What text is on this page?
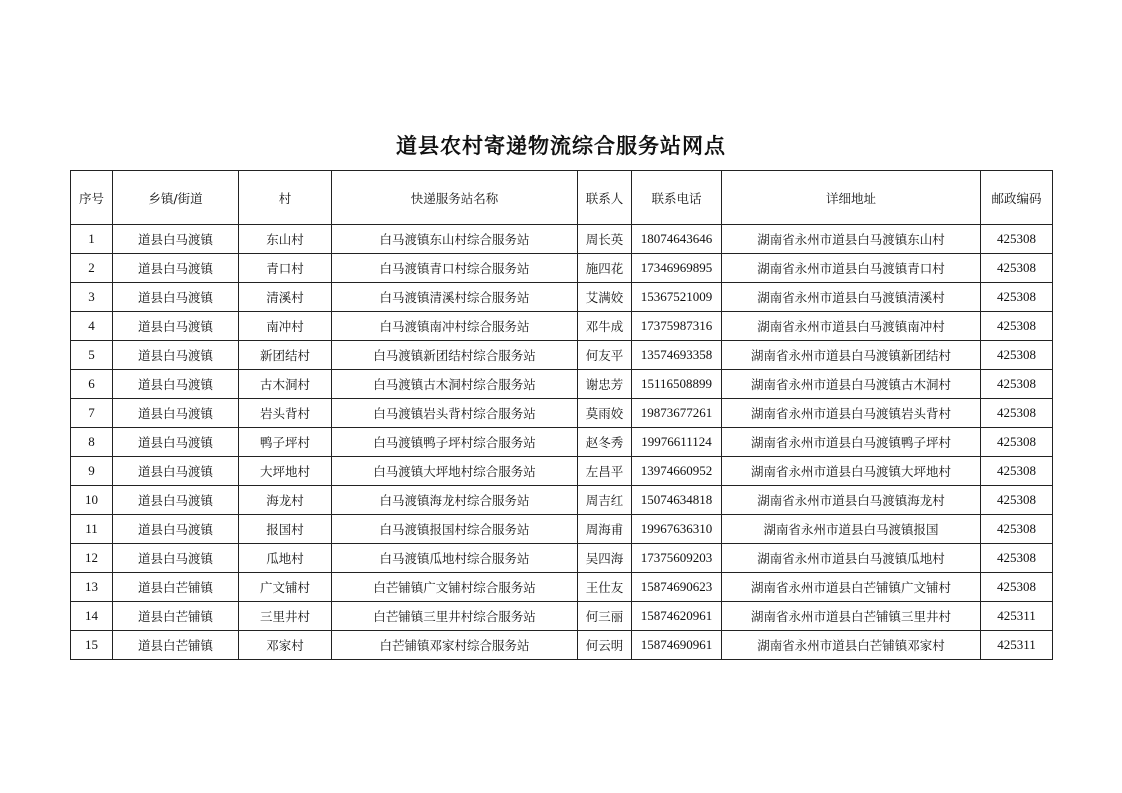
道县农村寄递物流综合服务站网点
序号	乡镇/街道	村	快递服务站名称	联系人	联系电话	详细地址	邮政编码
1	道县白马渡镇	东山村	白马渡镇东山村综合服务站	周长英	18074643646	湖南省永州市道县白马渡镇东山村	425308
2	道县白马渡镇	青口村	白马渡镇青口村综合服务站	施四花	17346969895	湖南省永州市道县白马渡镇青口村	425308
3	道县白马渡镇	清溪村	白马渡镇清溪村综合服务站	艾满姣	15367521009	湖南省永州市道县白马渡镇清溪村	425308
4	道县白马渡镇	南冲村	白马渡镇南冲村综合服务站	邓牛成	17375987316	湖南省永州市道县白马渡镇南冲村	425308
5	道县白马渡镇	新团结村	白马渡镇新团结村综合服务站	何友平	13574693358	湖南省永州市道县白马渡镇新团结村	425308
6	道县白马渡镇	古木洞村	白马渡镇古木洞村综合服务站	谢忠芳	15116508899	湖南省永州市道县白马渡镇古木洞村	425308
7	道县白马渡镇	岩头背村	白马渡镇岩头背村综合服务站	莫雨姣	19873677261	湖南省永州市道县白马渡镇岩头背村	425308
8	道县白马渡镇	鸭子坪村	白马渡镇鸭子坪村综合服务站	赵冬秀	19976611124	湖南省永州市道县白马渡镇鸭子坪村	425308
9	道县白马渡镇	大坪地村	白马渡镇大坪地村综合服务站	左昌平	13974660952	湖南省永州市道县白马渡镇大坪地村	425308
10	道县白马渡镇	海龙村	白马渡镇海龙村综合服务站	周吉红	15074634818	湖南省永州市道县白马渡镇海龙村	425308
11	道县白马渡镇	报国村	白马渡镇报国村综合服务站	周海甫	19967636310	湖南省永州市道县白马渡镇报国	425308
12	道县白马渡镇	瓜地村	白马渡镇瓜地村综合服务站	吴四海	17375609203	湖南省永州市道县白马渡镇瓜地村	425308
13	道县白芒铺镇	广文铺村	白芒铺镇广文铺村综合服务站	王仕友	15874690623	湖南省永州市道县白芒铺镇广文铺村	425308
14	道县白芒铺镇	三里井村	白芒铺镇三里井村综合服务站	何三丽	15874620961	湖南省永州市道县白芒铺镇三里井村	425311
15	道县白芒铺镇	邓家村	白芒铺镇邓家村综合服务站	何云明	15874690961	湖南省永州市道县白芒铺镇邓家村	425311
